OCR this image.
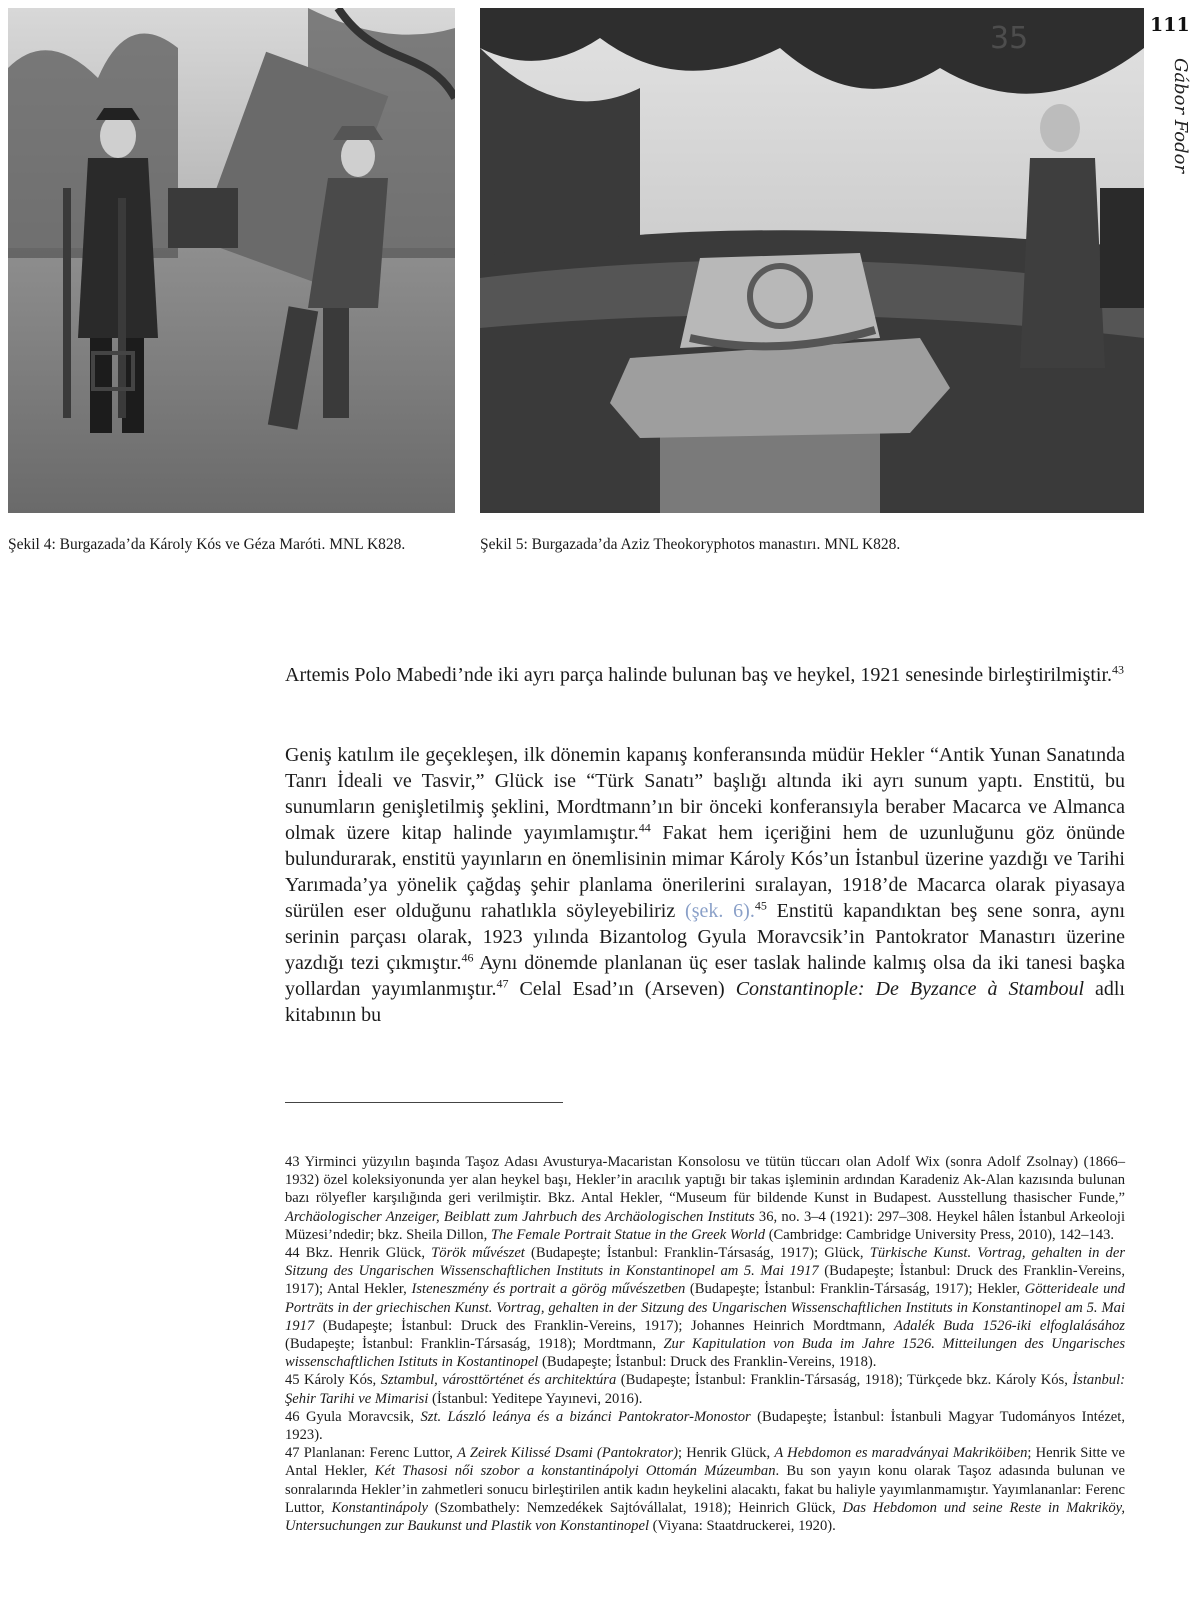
111
Gábor Fodor
35
Şekil 4: Burgazada’da Károly Kós ve Géza Maróti. MNL K828.	Şekil 5: Burgazada’da Aziz Theokoryphotos manastırı. MNL K828.

Artemis Polo Mabedi’nde iki ayrı parça halinde bulunan baş ve heykel, 1921 senesinde birleştirilmiştir.$^{43}$

Geniş katılım ile geçekleşen, ilk dönemin kapanış konferansında müdür Hekler “Antik Yunan Sanatında Tanrı İdeali ve Tasvir,” Glück ise “Türk Sanatı” başlığı altında iki ayrı sunum yaptı. Enstitü, bu sunumların genişletilmiş şeklini, Mordtmann’ın bir önceki konferansıyla beraber Macarca ve Almanca olmak üzere kitap halinde yayımlamıştır.$^{44}$ Fakat hem içeriğini hem de uzunluğunu göz önünde bulundurarak, enstitü yayınların en önemlisinin mimar Károly Kós’un İstanbul üzerine yazdığı ve Tarihi Yarımada’ya yönelik çağdaş şehir planlama önerilerini sıralayan, 1918’de Macarca olarak piyasaya sürülen eser olduğunu rahatlıkla söyleyebiliriz (şek. 6).$^{45}$ Enstitü kapandıktan beş sene sonra, aynı serinin parçası olarak, 1923 yılında Bizantolog Gyula Moravcsik’in Pantokrator Manastırı üzerine yazdığı tezi çıkmıştır.$^{46}$ Aynı dönemde planlanan üç eser taslak halinde kalmış olsa da iki tanesi başka yollardan yayımlanmıştır.$^{47}$ Celal Esad’ın (Arseven) Constantinople: De Byzance à Stamboul adlı kitabının bu

43 Yirminci yüzyılın başında Taşoz Adası Avusturya-Macaristan Konsolosu ve tütün tüccarı olan Adolf Wix (sonra Adolf Zsolnay) (1866–1932) özel koleksiyonunda yer alan heykel başı, Hekler’in aracılık yaptığı bir takas işleminin ardından Karadeniz Ak-Alan kazısında bulunan bazı rölyefler karşılığında geri verilmiştir. Bkz. Antal Hekler, “Museum für bildende Kunst in Budapest. Ausstellung thasischer Funde,” Archäologischer Anzeiger, Beiblatt zum Jahrbuch des Archäologischen Instituts 36, no. 3–4 (1921): 297–308. Heykel hâlen İstanbul Arkeoloji Müzesi’ndedir; bkz. Sheila Dillon, The Female Portrait Statue in the Greek World (Cambridge: Cambridge University Press, 2010), 142–143.

44 Bkz. Henrik Glück, Török művészet (Budapeşte; İstanbul: Franklin-Társaság, 1917); Glück, Türkische Kunst. Vortrag, gehalten in der Sitzung des Ungarischen Wissenschaftlichen Instituts in Konstantinopel am 5. Mai 1917 (Budapeşte; İstanbul: Druck des Franklin-Vereins, 1917); Antal Hekler, Isteneszmény és portrait a görög művészetben (Budapeşte; İstanbul: Franklin-Társaság, 1917); Hekler, Götterideale und Porträts in der griechischen Kunst. Vortrag, gehalten in der Sitzung des Ungarischen Wissenschaftlichen Instituts in Konstantinopel am 5. Mai 1917 (Budapeşte; İstanbul: Druck des Franklin-Vereins, 1917); Johannes Heinrich Mordtmann, Adalék Buda 1526-iki elfoglalásához (Budapeşte; İstanbul: Franklin-Társaság, 1918); Mordtmann, Zur Kapitulation von Buda im Jahre 1526. Mitteilungen des Ungarisches wissenschaftlichen Istituts in Kostantinopel (Budapeşte; İstanbul: Druck des Franklin-Vereins, 1918).

45 Károly Kós, Sztambul, városttörténet és architektúra (Budapeşte; İstanbul: Franklin-Társaság, 1918); Türkçede bkz. Károly Kós, İstanbul: Şehir Tarihi ve Mimarisi (İstanbul: Yeditepe Yayınevi, 2016).

46 Gyula Moravcsik, Szt. László leánya és a bizánci Pantokrator-Monostor (Budapeşte; İstanbul: İstanbuli Magyar Tudományos Intézet, 1923).

47 Planlanan: Ferenc Luttor, A Zeirek Kilissé Dsami (Pantokrator); Henrik Glück, A Hebdomon es maradványai Makriköiben; Henrik Sitte ve Antal Hekler, Két Thasosi női szobor a konstantinápolyi Ottomán Múzeumban. Bu son yayın konu olarak Taşoz adasında bulunan ve sonralarında Hekler’in zahmetleri sonucu birleştirilen antik kadın heykelini alacaktı, fakat bu haliyle yayımlanmamıştır. Yayımlananlar: Ferenc Luttor, Konstantinápoly (Szombathely: Nemzedékek Sajtóvállalat, 1918); Heinrich Glück, Das Hebdomon und seine Reste in Makriköy, Untersuchungen zur Baukunst und Plastik von Konstantinopel (Viyana: Staatdruckerei, 1920).
